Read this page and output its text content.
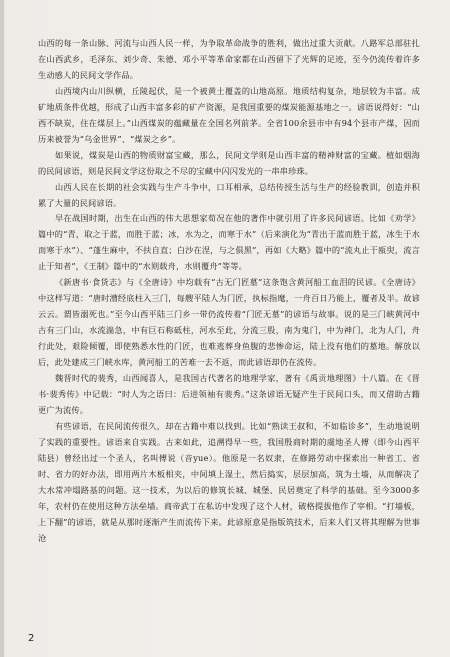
山西的每一条山脉、河流与山西人民一样，为争取革命战争的胜利，做出过重大贡献。八路军总部驻扎在山西武乡，毛泽东、刘少奇、朱德、邓小平等革命家都在山西留下了光辉的足迹，至今仍流传着许多生动感人的民间文学作品。

山西境内山川纵横，丘陵起伏，是一个被黄土覆盖的山地高原。地质结构复杂，地层较为丰富。成矿地质条件优越，形成了山西丰富多彩的矿产资源，是我国重要的煤炭能源基地之一。谚语说得好：“山西不缺炭，住在煤层上。”山西煤炭的蕴藏量在全国名列前茅。全省100余县市中有94个县市产煤，因而历来被誉为“乌金世界”、“煤炭之乡”。

如果说，煤炭是山西的物质财富宝藏，那么，民间文学则是山西丰富的精神财富的宝藏。植如烟海的民间谚语，则是民间文学这份取之不尽的宝藏中闪闪发光的一串串珍珠。

山西人民在长期的社会实践与生产斗争中，口耳相承，总结传授生活与生产的经验教训，创造并积累了大量的民间谚语。

早在战国时期，出生在山西的伟大思想家荀况在他的著作中就引用了许多民间谚语。比如《劝学》篇中的“青，取之于蓝，而胜于蓝；冰，水为之，而寒于水”（后来演化为“青出于蓝而胜于蓝，冰生于水而寒于水”）、“蓬生麻中，不扶自直；白沙在涅，与之俱黑”，再如《大略》篇中的“流丸止于瓯臾，流言止于知者”，《王制》篇中的“水则载舟，水则覆舟”等等。

《新唐书·食货志》与《全唐诗》中均载有“古无门匠墓”这条饱含黄河船工血泪的民谚。《全唐诗》中这样写道：“唐时漕经底柱入三门，每艘平陆人为门匠，执标指麾，一舟百日乃能上，覆者及半。故谚云云。谓皆溺死也。”至今山西平陆三门乡一带仍流传着“门匠无墓”的谚语与故事。说的是三门峡黄河中古有三门山，水流湍急，中有巨石称砥柱，河水至此，分流三股，南为鬼门，中为神门，北为人门，舟行此处，艰险倾覆，即使熟悉水性的门匠，也难逃葬身鱼腹的悲惨命运，陆上没有他们的墓地。解放以后，此处建成三门峡水库，黄河船工的苦难一去不返，而此谚语却仍在流传。

魏晋时代的裴秀，山西闻喜人，是我国古代著名的地理学家，著有《禹贡地理图》十八篇。在《晋书·裴秀传》中记载：“时人为之语曰：后进领袖有裴秀。”这条谚语无疑产生于民间口头，而又借助古籍更广为流传。

有些谚语，在民间流传很久，却在古籍中难以找到。比如“熟读王叔和，不如临诊多”，生动地说明了实践的重要性。谚语来自实践。古来如此，追溯得早一些，我国殷商时期的虞地圣人傅（即今山西平陆县）曾经出过一个圣人，名叫傅说（音yue）。他原是一名奴隶，在修路劳动中探索出一种省工、省时、省力的好办法，即用两片木板相夹，中间填上湿土，然后捣实，层层加高，筑为土墙，从而解决了大水常冲塌路基的问题。这一技术，为以后的修筑长城、城堡、民居奠定了科学的基础。至今3000多年，农村仍在使用这种方法垒墙。商帝武丁在私访中发现了这个人材，破格提拔他作了宰相。“打墙板，上下翻”的谚语，就是从那时逐渐产生而流传下来。此谚原意是指版筑技术，后来人们又将其理解为世事沧

2
